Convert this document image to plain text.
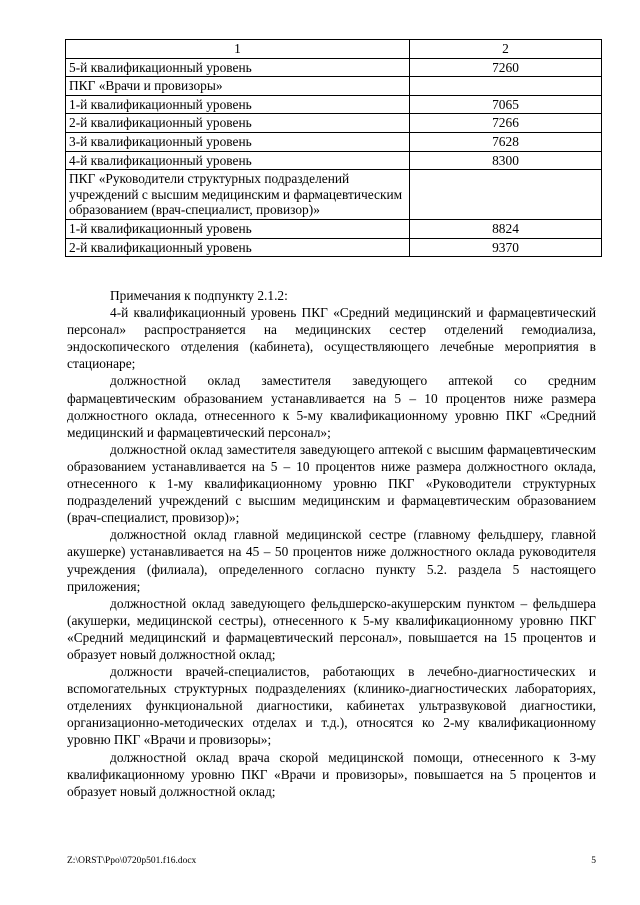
1	2
5-й квалификационный уровень	7260
ПКГ «Врачи и провизоры»	
1-й квалификационный уровень	7065
2-й квалификационный уровень	7266
3-й квалификационный уровень	7628
4-й квалификационный уровень	8300
ПКГ «Руководители структурных подразделений учреждений с высшим медицинским и фармацевтическим образованием (врач-специалист, провизор)»	
1-й квалификационный уровень	8824
2-й квалификационный уровень	9370

Примечания к подпункту 2.1.2:

4-й квалификационный уровень ПКГ «Средний медицинский и фармацевтический персонал» распространяется на медицинских сестер отделений гемодиализа, эндоскопического отделения (кабинета), осуществляющего лечебные мероприятия в стационаре;

должностной оклад заместителя заведующего аптекой со средним фармацевтическим образованием устанавливается на 5 – 10 процентов ниже размера должностного оклада, отнесенного к 5-му квалификационному уровню ПКГ «Средний медицинский и фармацевтический персонал»;

должностной оклад заместителя заведующего аптекой с высшим фармацевтическим образованием устанавливается на 5 – 10 процентов ниже размера должностного оклада, отнесенного к 1-му квалификационному уровню ПКГ «Руководители структурных подразделений учреждений с высшим медицинским и фармацевтическим образованием (врач-специалист, провизор)»;

должностной оклад главной медицинской сестре (главному фельдшеру, главной акушерке) устанавливается на 45 – 50 процентов ниже должностного оклада руководителя учреждения (филиала), определенного согласно пункту 5.2. раздела 5 настоящего приложения;

должностной оклад заведующего фельдшерско-акушерским пунктом – фельдшера (акушерки, медицинской сестры), отнесенного к 5-му квалификационному уровню ПКГ «Средний медицинский и фармацевтический персонал», повышается на 15 процентов и образует новый должностной оклад;

должности врачей-специалистов, работающих в лечебно-диагностических и вспомогательных структурных подразделениях (клинико-диагностических лабораториях, отделениях функциональной диагностики, кабинетах ультразвуковой диагностики, организационно-методических отделах и т.д.), относятся ко 2-му квалификационному уровню ПКГ «Врачи и провизоры»;

должностной оклад врача скорой медицинской помощи, отнесенного к 3-му квалификационному уровню ПКГ «Врачи и провизоры», повышается на 5 процентов и образует новый должностной оклад;

Z:\ORST\Ppo\0720p501.f16.docx	5
